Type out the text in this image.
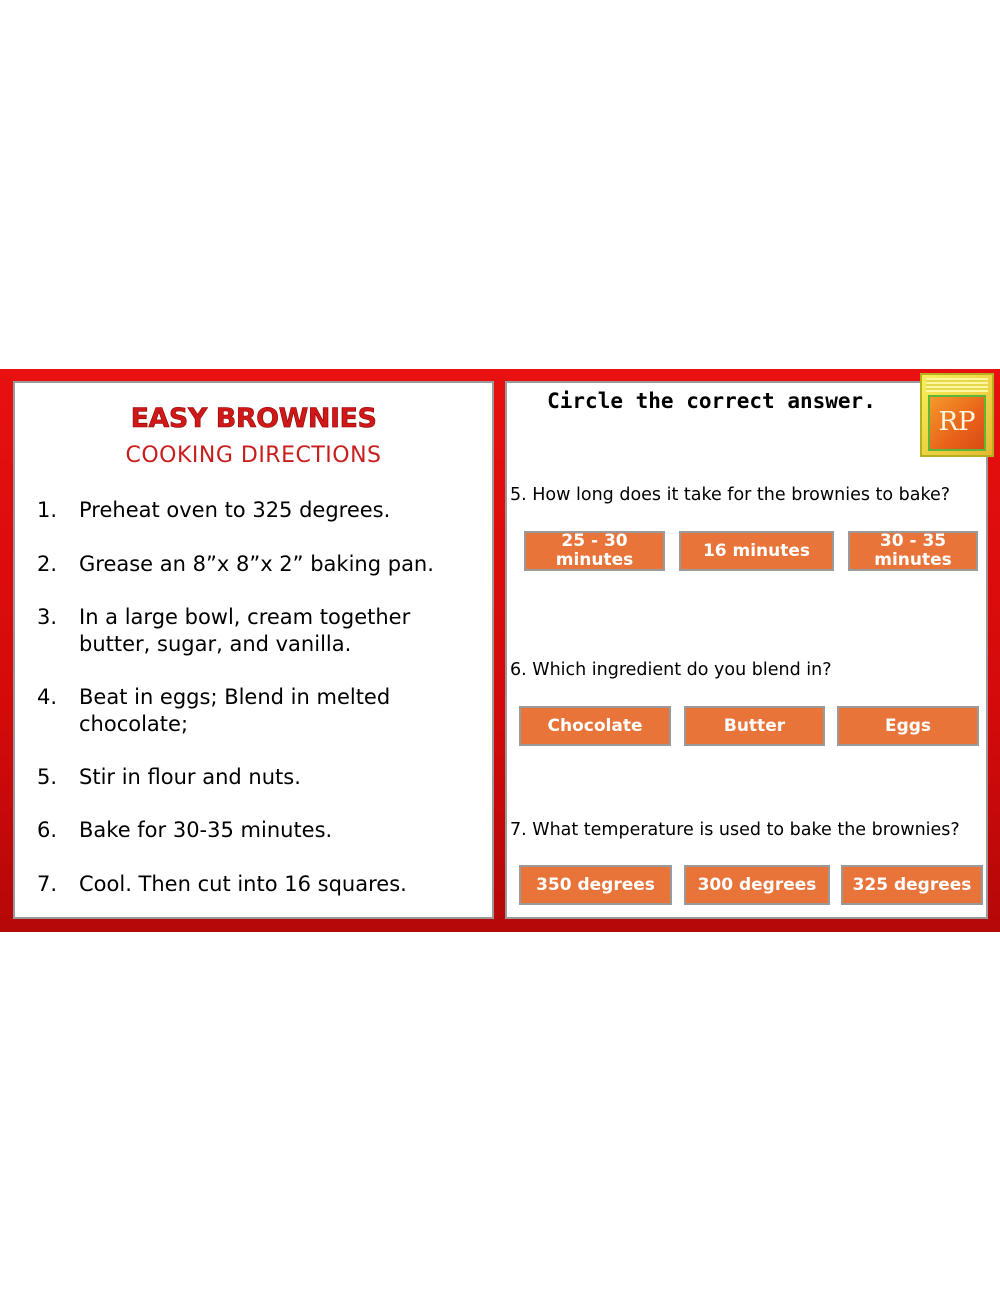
EASY BROWNIES
COOKING DIRECTIONS
1. Preheat oven to 325 degrees.
2. Grease an 8”x 8”x 2” baking pan.
3. In a large bowl, cream together
butter, sugar, and vanilla.
4. Beat in eggs; Blend in melted
chocolate;
5. Stir in flour and nuts.
6. Bake for 30-35 minutes.
7. Cool. Then cut into 16 squares.
Circle the correct answer.
RP
5. How long does it take for the brownies to bake?
25 - 30
minutes	16 minutes	30 - 35
minutes
6. Which ingredient do you blend in?
Chocolate	Butter	Eggs
7. What temperature is used to bake the brownies?
350 degrees	300 degrees 325 degrees
